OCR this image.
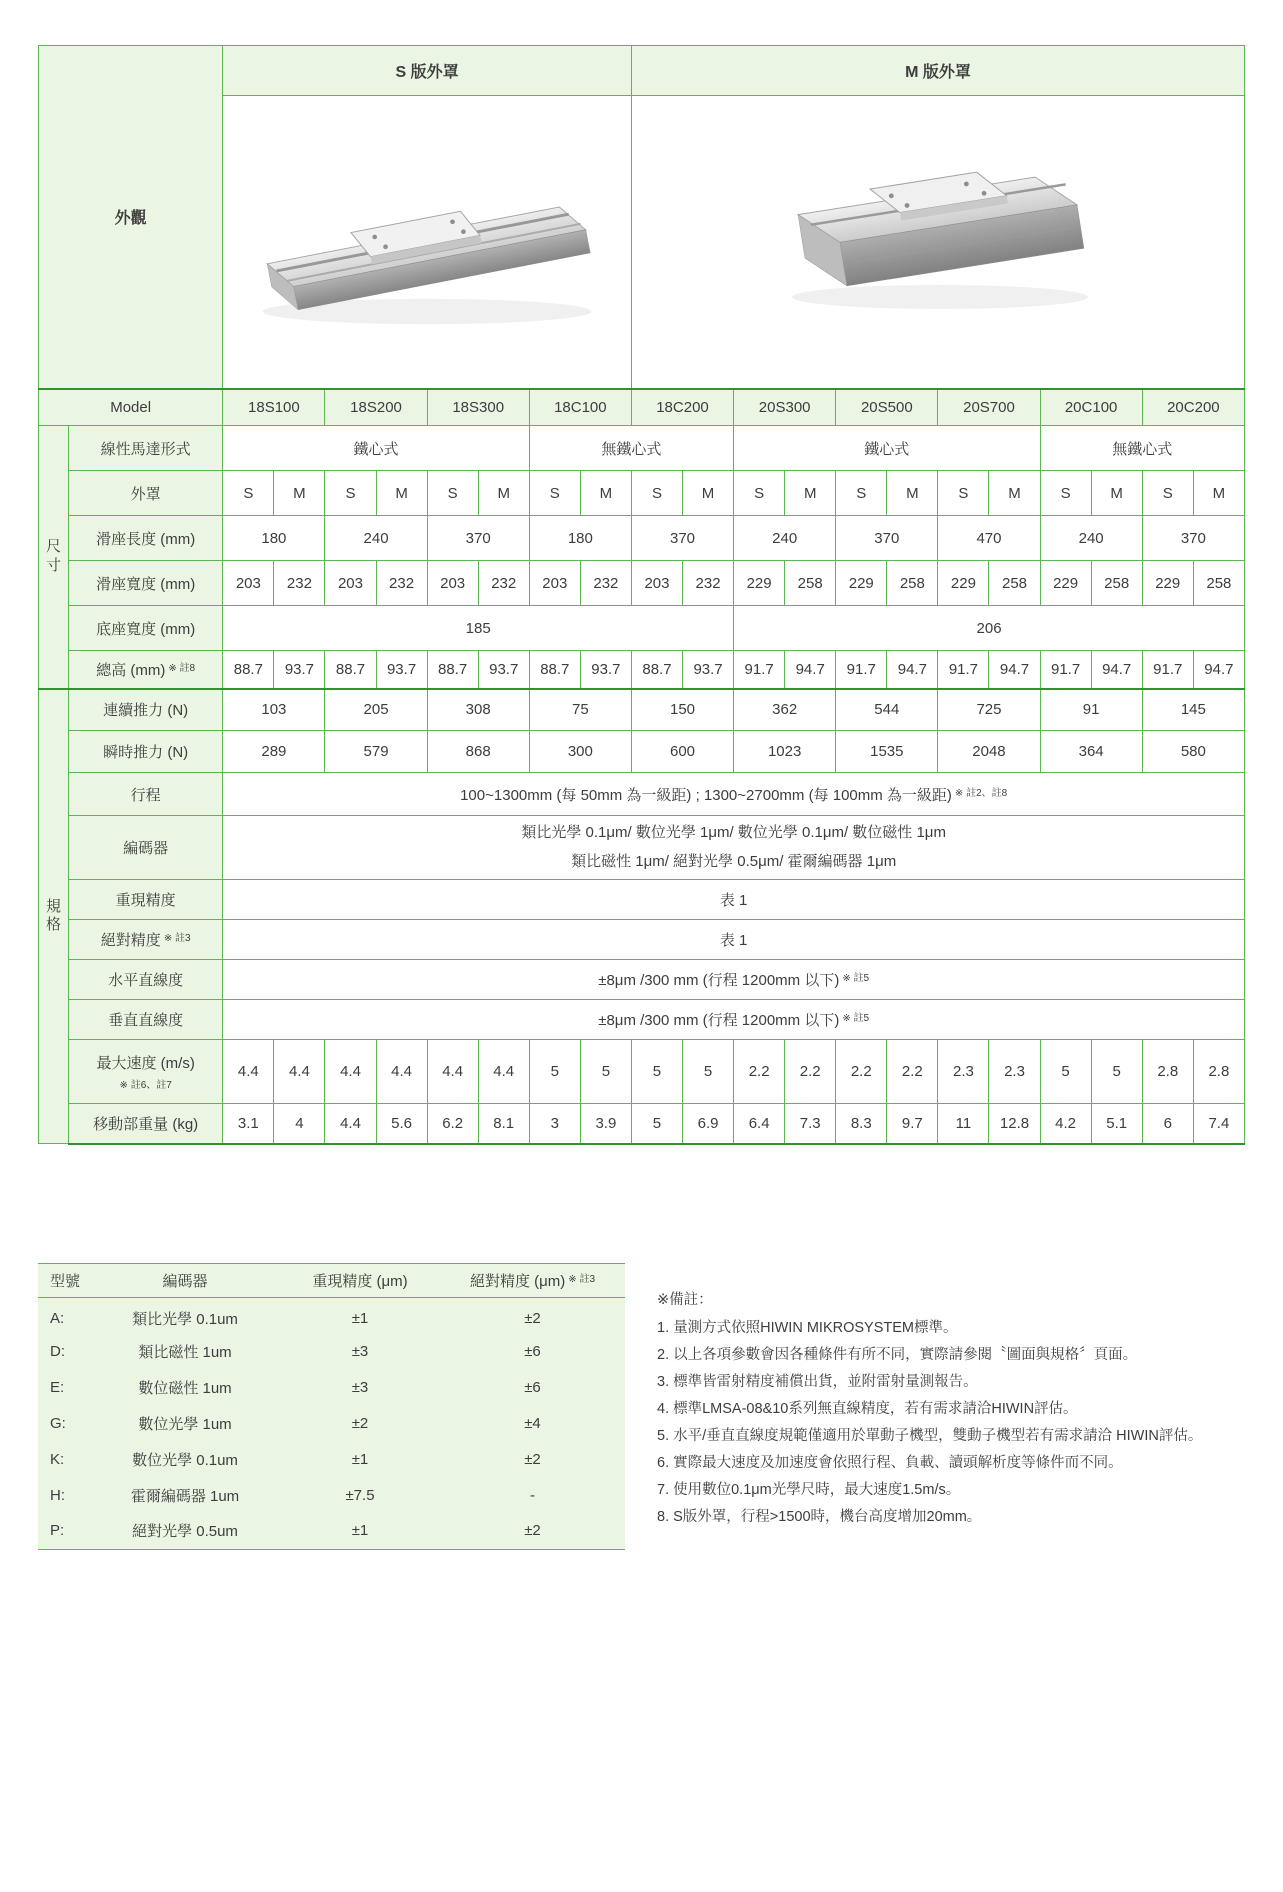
外觀		S 版外罩								M 版外罩											

Model		18S100		18S200		18S300		18C100		18C200		20S300		20S500		20S700		20C100		20C200	

尺
寸	線性馬達形式	鐵心式						無鐵心式				鐵心式						無鐵心式			
	外罩	S	M	S	M	S	M	S	M	S	M	S	M	S	M	S	M	S	M	S	M
	滑座長度 (mm)	180		240		370		180		370		240		370		470		240		370	
	滑座寬度 (mm)	203	232	203	232	203	232	203	232	203	232	229	258	229	258	229	258	229	258	229	258
	底座寬度 (mm)	185										206									
	總高 (mm) $^{※ 註8}$	88.7	93.7	88.7	93.7	88.7	93.7	88.7	93.7	88.7	93.7	91.7	94.7	91.7	94.7	91.7	94.7	91.7	94.7	91.7	94.7

規
格	連續推力 (N)	103		205		308		75		150		362		544		725		91		145	
	瞬時推力 (N)	289		579		868		300		600		1023		1535		2048		364		580	
	行程	100~1300mm (每 50mm 為一級距) ; 1300~2700mm (每 100mm 為一級距) $^{※ 註2、註8}$
	編碼器	類比光學 0.1μm/ 數位光學 1μm/ 數位光學 0.1μm/ 數位磁性 1μm
類比磁性 1μm/ 絕對光學 0.5μm/ 霍爾編碼器 1μm																			

	重現精度	表 1																			
	絕對精度 $^{※ 註3}$	表 1																			
	水平直線度	±8μm /300 mm (行程 1200mm 以下) $^{※ 註5}$
	垂直直線度	±8μm /300 mm (行程 1200mm 以下) $^{※ 註5}$
	最大速度 (m/s)
※ 註6、註7	4.4	4.4	4.4	4.4	4.4	4.4	5	5	5	5	2.2	2.2	2.2	2.2	2.3	2.3	5	5	2.8	2.8
	移動部重量 (kg)	3.1	4	4.4	5.6	6.2	8.1	3	3.9	5	6.9	6.4	7.3	8.3	9.7	11	12.8	4.2	5.1	6	7.4
型號	編碼器	重現精度 (μm)	絕對精度 (μm) $^{※ 註3}$
A:	類比光學 0.1um	±1	±2
D:	類比磁性 1um	±3	±6
E:	數位磁性 1um	±3	±6
G:	數位光學 1um	±2	±4
K:	數位光學 0.1um	±1	±2
H:	霍爾編碼器 1um	±7.5	-
P:	絕對光學 0.5um	±1	±2
※備註：
1. 量測方式依照HIWIN MIKROSYSTEM標準。
2. 以上各項參數會因各種條件有所不同，實際請參閱〝圖面與規格〞頁面。
3. 標準皆雷射精度補償出貨，並附雷射量測報告。
4. 標準LMSA-08&10系列無直線精度，若有需求請洽HIWIN評估。
5. 水平/垂直直線度規範僅適用於單動子機型，雙動子機型若有需求請洽 HIWIN評估。
6. 實際最大速度及加速度會依照行程、負載、讀頭解析度等條件而不同。
7. 使用數位0.1μm光學尺時，最大速度1.5m/s。
8. S版外罩，行程>1500時，機台高度增加20mm。
